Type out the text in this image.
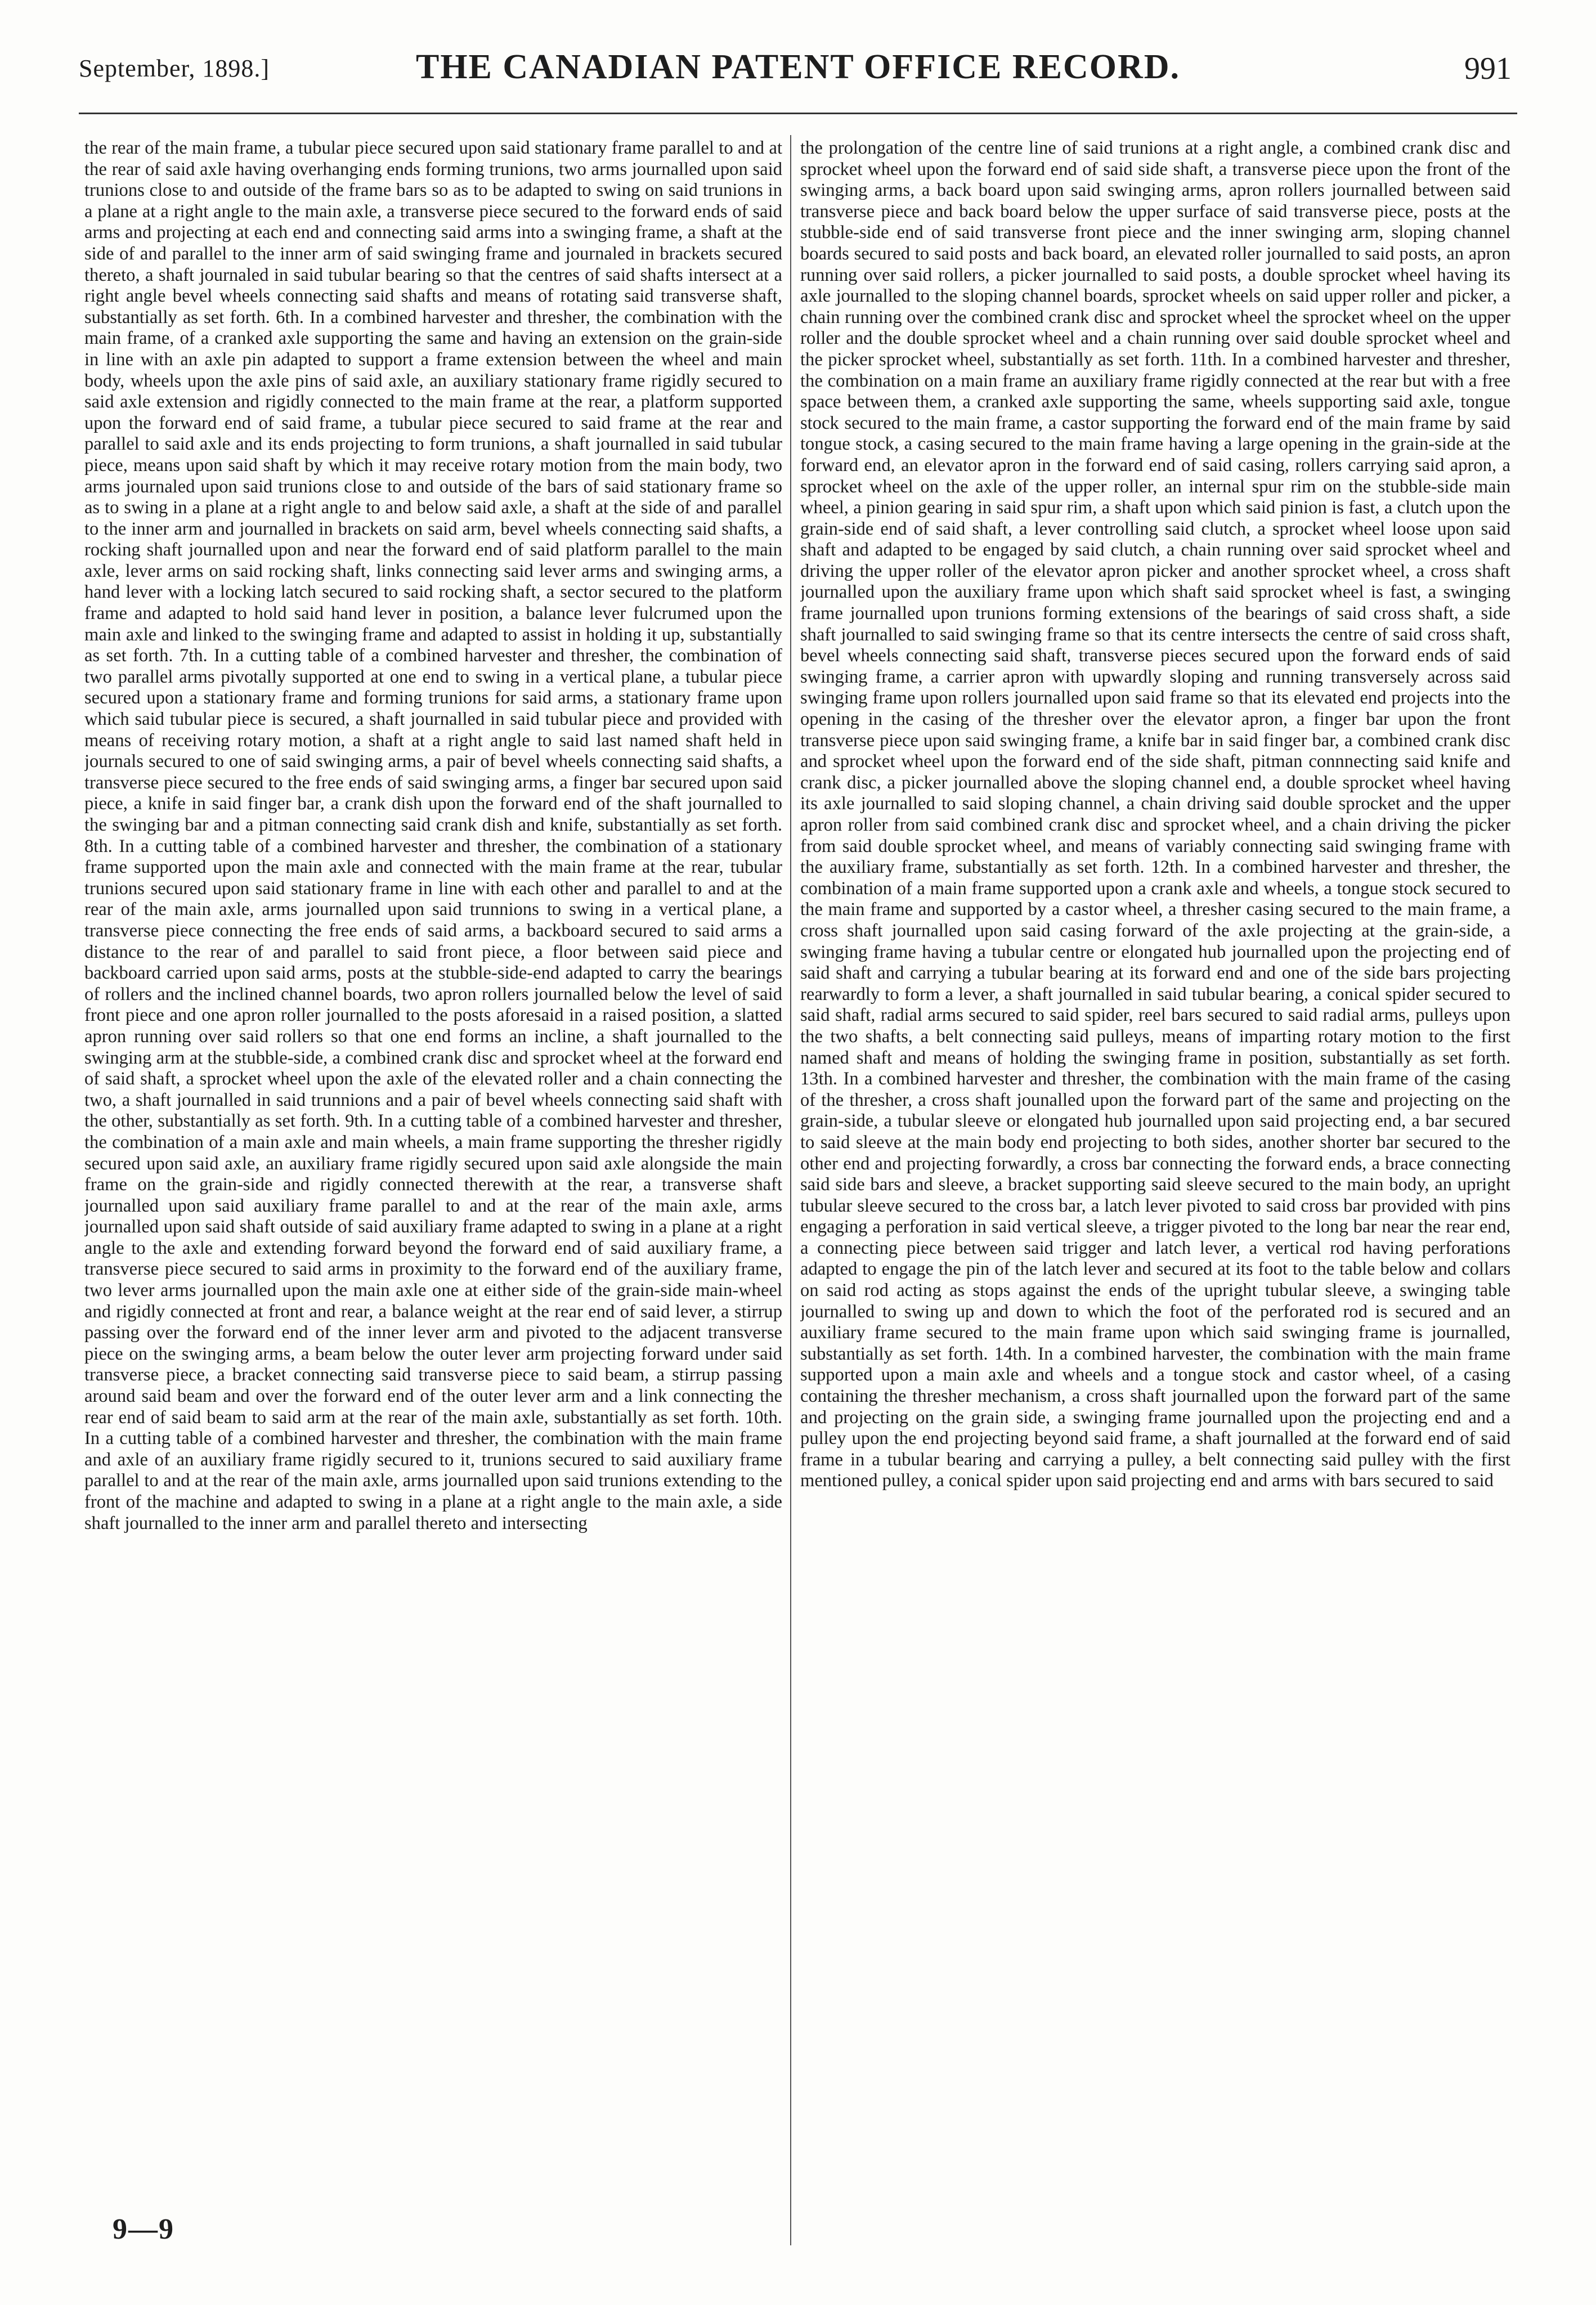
September, 1898.]	THE CANADIAN PATENT OFFICE RECORD.	991

the rear of the main frame, a tubular piece secured upon said stationary frame parallel to and at the rear of said axle having overhanging ends forming trunions, two arms journalled upon said trunions close to and outside of the frame bars so as to be adapted to swing on said trunions in a plane at a right angle to the main axle, a transverse piece secured to the forward ends of said arms and projecting at each end and connecting said arms into a swinging frame, a shaft at the side of and parallel to the inner arm of said swinging frame and journaled in brackets secured thereto, a shaft journaled in said tubular bearing so that the centres of said shafts intersect at a right angle bevel wheels connecting said shafts and means of rotating said transverse shaft, substantially as set forth. 6th. In a combined harvester and thresher, the combination with the main frame, of a cranked axle supporting the same and having an extension on the grain-side in line with an axle pin adapted to support a frame extension between the wheel and main body, wheels upon the axle pins of said axle, an auxiliary stationary frame rigidly secured to said axle extension and rigidly connected to the main frame at the rear, a platform supported upon the forward end of said frame, a tubular piece secured to said frame at the rear and parallel to said axle and its ends projecting to form trunions, a shaft journalled in said tubular piece, means upon said shaft by which it may receive rotary motion from the main body, two arms journaled upon said trunions close to and outside of the bars of said stationary frame so as to swing in a plane at a right angle to and below said axle, a shaft at the side of and parallel to the inner arm and journalled in brackets on said arm, bevel wheels connecting said shafts, a rocking shaft journalled upon and near the forward end of said platform parallel to the main axle, lever arms on said rocking shaft, links connecting said lever arms and swinging arms, a hand lever with a locking latch secured to said rocking shaft, a sector secured to the platform frame and adapted to hold said hand lever in position, a balance lever fulcrumed upon the main axle and linked to the swinging frame and adapted to assist in holding it up, substantially as set forth. 7th. In a cutting table of a combined harvester and thresher, the combination of two parallel arms pivotally supported at one end to swing in a vertical plane, a tubular piece secured upon a stationary frame and forming trunions for said arms, a stationary frame upon which said tubular piece is secured, a shaft journalled in said tubular piece and provided with means of receiving rotary motion, a shaft at a right angle to said last named shaft held in journals secured to one of said swinging arms, a pair of bevel wheels connecting said shafts, a transverse piece secured to the free ends of said swinging arms, a finger bar secured upon said piece, a knife in said finger bar, a crank dish upon the forward end of the shaft journalled to the swinging bar and a pitman connecting said crank dish and knife, substantially as set forth. 8th. In a cutting table of a combined harvester and thresher, the combination of a stationary frame supported upon the main axle and connected with the main frame at the rear, tubular trunions secured upon said stationary frame in line with each other and parallel to and at the rear of the main axle, arms journalled upon said trunnions to swing in a vertical plane, a transverse piece connecting the free ends of said arms, a backboard secured to said arms a distance to the rear of and parallel to said front piece, a floor between said piece and backboard carried upon said arms, posts at the stubble-side-end adapted to carry the bearings of rollers and the inclined channel boards, two apron rollers journalled below the level of said front piece and one apron roller journalled to the posts aforesaid in a raised position, a slatted apron running over said rollers so that one end forms an incline, a shaft journalled to the swinging arm at the stubble-side, a combined crank disc and sprocket wheel at the forward end of said shaft, a sprocket wheel upon the axle of the elevated roller and a chain connecting the two, a shaft journalled in said trunnions and a pair of bevel wheels connecting said shaft with the other, substantially as set forth. 9th. In a cutting table of a combined harvester and thresher, the combination of a main axle and main wheels, a main frame supporting the thresher rigidly secured upon said axle, an auxiliary frame rigidly secured upon said axle alongside the main frame on the grain-side and rigidly connected therewith at the rear, a transverse shaft journalled upon said auxiliary frame parallel to and at the rear of the main axle, arms journalled upon said shaft outside of said auxiliary frame adapted to swing in a plane at a right angle to the axle and extending forward beyond the forward end of said auxiliary frame, a transverse piece secured to said arms in proximity to the forward end of the auxiliary frame, two lever arms journalled upon the main axle one at either side of the grain-side main-wheel and rigidly connected at front and rear, a balance weight at the rear end of said lever, a stirrup passing over the forward end of the inner lever arm and pivoted to the adjacent transverse piece on the swinging arms, a beam below the outer lever arm projecting forward under said transverse piece, a bracket connecting said transverse piece to said beam, a stirrup passing around said beam and over the forward end of the outer lever arm and a link connecting the rear end of said beam to said arm at the rear of the main axle, substantially as set forth. 10th. In a cutting table of a combined harvester and thresher, the combination with the main frame and axle of an auxiliary frame rigidly secured to it, trunions secured to said auxiliary frame parallel to and at the rear of the main axle, arms journalled upon said trunions extending to the front of the machine and adapted to swing in a plane at a right angle to the main axle, a side shaft journalled to the inner arm and parallel thereto and intersecting

the prolongation of the centre line of said trunions at a right angle, a combined crank disc and sprocket wheel upon the forward end of said side shaft, a transverse piece upon the front of the swinging arms, a back board upon said swinging arms, apron rollers journalled between said transverse piece and back board below the upper surface of said transverse piece, posts at the stubble-side end of said transverse front piece and the inner swinging arm, sloping channel boards secured to said posts and back board, an elevated roller journalled to said posts, an apron running over said rollers, a picker journalled to said posts, a double sprocket wheel having its axle journalled to the sloping channel boards, sprocket wheels on said upper roller and picker, a chain running over the combined crank disc and sprocket wheel the sprocket wheel on the upper roller and the double sprocket wheel and a chain running over said double sprocket wheel and the picker sprocket wheel, substantially as set forth. 11th. In a combined harvester and thresher, the combination on a main frame an auxiliary frame rigidly connected at the rear but with a free space between them, a cranked axle supporting the same, wheels supporting said axle, tongue stock secured to the main frame, a castor supporting the forward end of the main frame by said tongue stock, a casing secured to the main frame having a large opening in the grain-side at the forward end, an elevator apron in the forward end of said casing, rollers carrying said apron, a sprocket wheel on the axle of the upper roller, an internal spur rim on the stubble-side main wheel, a pinion gearing in said spur rim, a shaft upon which said pinion is fast, a clutch upon the grain-side end of said shaft, a lever controlling said clutch, a sprocket wheel loose upon said shaft and adapted to be engaged by said clutch, a chain running over said sprocket wheel and driving the upper roller of the elevator apron picker and another sprocket wheel, a cross shaft journalled upon the auxiliary frame upon which shaft said sprocket wheel is fast, a swinging frame journalled upon trunions forming extensions of the bearings of said cross shaft, a side shaft journalled to said swinging frame so that its centre intersects the centre of said cross shaft, bevel wheels connecting said shaft, transverse pieces secured upon the forward ends of said swinging frame, a carrier apron with upwardly sloping and running transversely across said swinging frame upon rollers journalled upon said frame so that its elevated end projects into the opening in the casing of the thresher over the elevator apron, a finger bar upon the front transverse piece upon said swinging frame, a knife bar in said finger bar, a combined crank disc and sprocket wheel upon the forward end of the side shaft, pitman connnecting said knife and crank disc, a picker journalled above the sloping channel end, a double sprocket wheel having its axle journalled to said sloping channel, a chain driving said double sprocket and the upper apron roller from said combined crank disc and sprocket wheel, and a chain driving the picker from said double sprocket wheel, and means of variably connecting said swinging frame with the auxiliary frame, substantially as set forth. 12th. In a combined harvester and thresher, the combination of a main frame supported upon a crank axle and wheels, a tongue stock secured to the main frame and supported by a castor wheel, a thresher casing secured to the main frame, a cross shaft journalled upon said casing forward of the axle projecting at the grain-side, a swinging frame having a tubular centre or elongated hub journalled upon the projecting end of said shaft and carrying a tubular bearing at its forward end and one of the side bars projecting rearwardly to form a lever, a shaft journalled in said tubular bearing, a conical spider secured to said shaft, radial arms secured to said spider, reel bars secured to said radial arms, pulleys upon the two shafts, a belt connecting said pulleys, means of imparting rotary motion to the first named shaft and means of holding the swinging frame in position, substantially as set forth. 13th. In a combined harvester and thresher, the combination with the main frame of the casing of the thresher, a cross shaft jounalled upon the forward part of the same and projecting on the grain-side, a tubular sleeve or elongated hub journalled upon said projecting end, a bar secured to said sleeve at the main body end projecting to both sides, another shorter bar secured to the other end and projecting forwardly, a cross bar connecting the forward ends, a brace connecting said side bars and sleeve, a bracket supporting said sleeve secured to the main body, an upright tubular sleeve secured to the cross bar, a latch lever pivoted to said cross bar provided with pins engaging a perforation in said vertical sleeve, a trigger pivoted to the long bar near the rear end, a connecting piece between said trigger and latch lever, a vertical rod having perforations adapted to engage the pin of the latch lever and secured at its foot to the table below and collars on said rod acting as stops against the ends of the upright tubular sleeve, a swinging table journalled to swing up and down to which the foot of the perforated rod is secured and an auxiliary frame secured to the main frame upon which said swinging frame is journalled, substantially as set forth. 14th. In a combined harvester, the combination with the main frame supported upon a main axle and wheels and a tongue stock and castor wheel, of a casing containing the thresher mechanism, a cross shaft journalled upon the forward part of the same and projecting on the grain side, a swinging frame journalled upon the projecting end and a pulley upon the end projecting beyond said frame, a shaft journalled at the forward end of said frame in a tubular bearing and carrying a pulley, a belt connecting said pulley with the first mentioned pulley, a conical spider upon said projecting end and arms with bars secured to said

9—9
